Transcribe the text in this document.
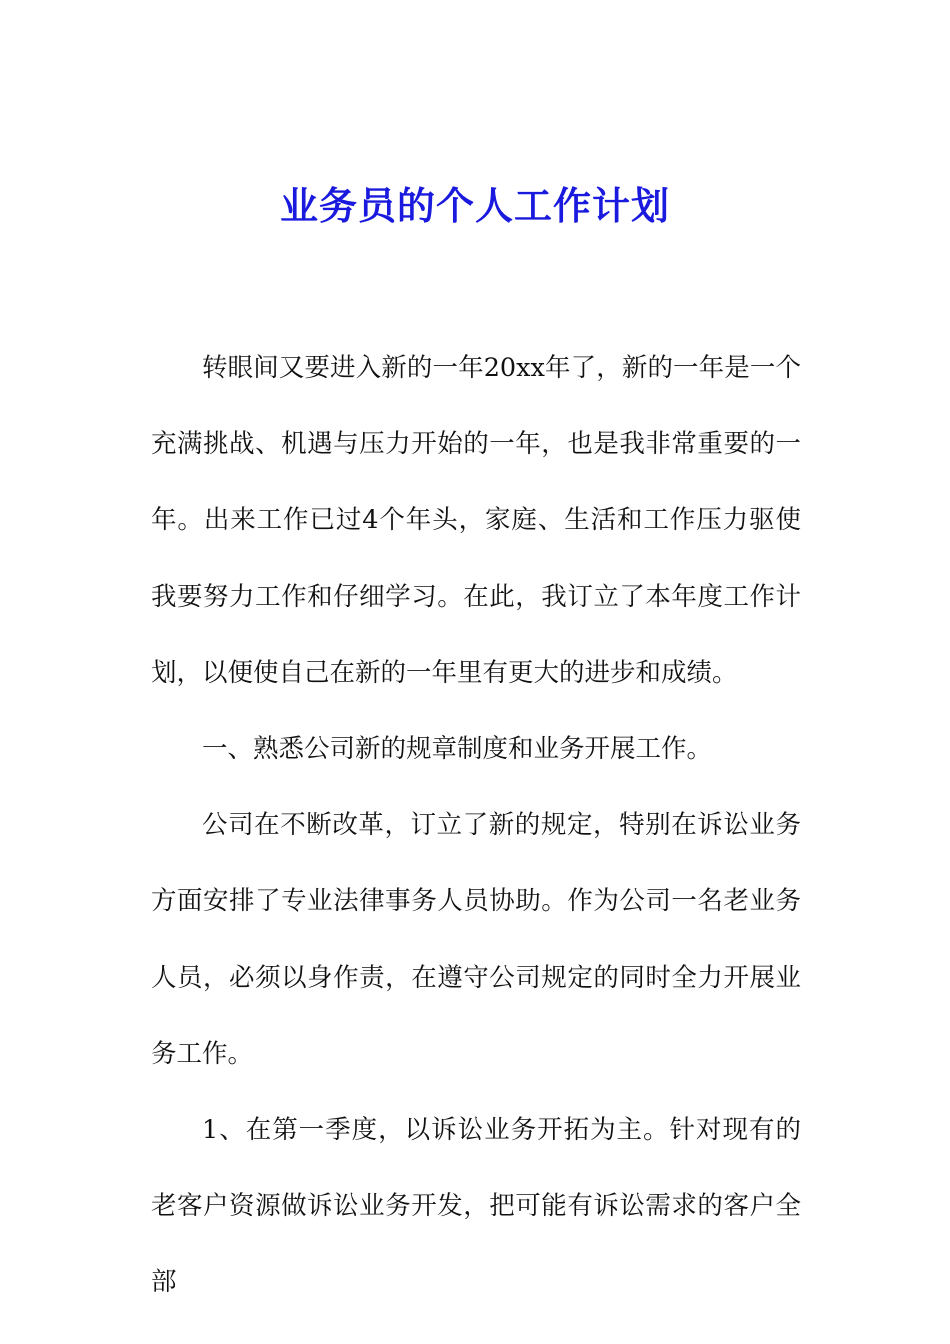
业务员的个人工作计划

转眼间又要进入新的一年20xx年了，新的一年是一个充满挑战、机遇与压力开始的一年，也是我非常重要的一年。出来工作已过4个年头，家庭、生活和工作压力驱使我要努力工作和仔细学习。在此，我订立了本年度工作计划，以便使自己在新的一年里有更大的进步和成绩。

一、熟悉公司新的规章制度和业务开展工作。

公司在不断改革，订立了新的规定，特别在诉讼业务方面安排了专业法律事务人员协助。作为公司一名老业务人员，必须以身作责，在遵守公司规定的同时全力开展业务工作。

1、在第一季度，以诉讼业务开拓为主。针对现有的老客户资源做诉讼业务开发，把可能有诉讼需求的客户全部
